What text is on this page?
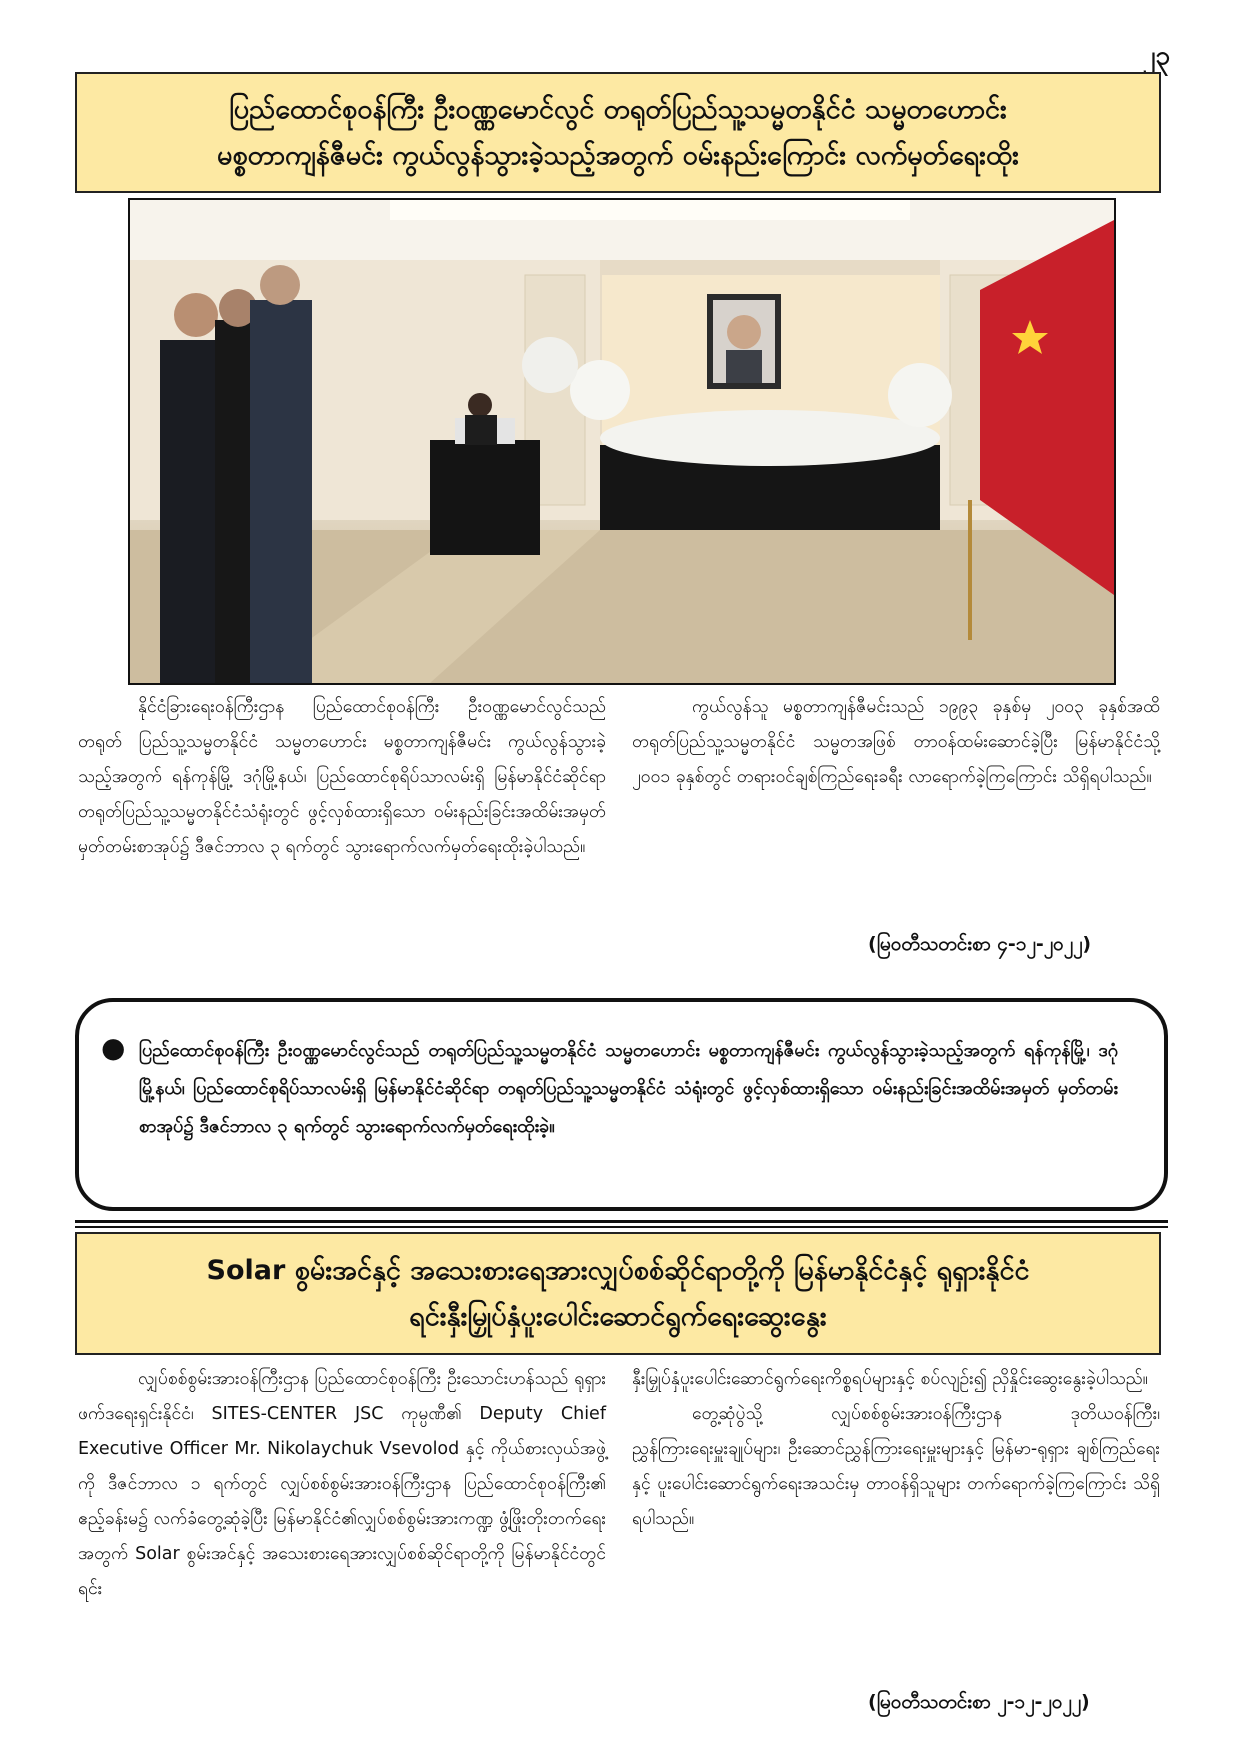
၂၃
ပြည်ထောင်စုဝန်ကြီး ဦးဝဏ္ဏမောင်လွင် တရုတ်ပြည်သူ့သမ္မတနိုင်ငံ သမ္မတဟောင်း
မစ္စတာကျန်ဇီမင်း ကွယ်လွန်သွားခဲ့သည့်အတွက် ဝမ်းနည်းကြောင်း လက်မှတ်ရေးထိုး

နိုင်ငံခြားရေးဝန်ကြီးဌာန ပြည်ထောင်စုဝန်ကြီး ဦးဝဏ္ဏမောင်လွင်သည် တရုတ် ပြည်သူ့သမ္မတနိုင်ငံ သမ္မတဟောင်း မစ္စတာကျန်ဇီမင်း ကွယ်လွန်သွားခဲ့သည့်အတွက် ရန်ကုန်မြို့ ဒဂုံမြို့နယ်၊ ပြည်ထောင်စုရိပ်သာလမ်းရှိ မြန်မာနိုင်ငံဆိုင်ရာ တရုတ်ပြည်သူ့သမ္မတနိုင်ငံသံရုံးတွင် ဖွင့်လှစ်ထားရှိသော ဝမ်းနည်းခြင်းအထိမ်းအမှတ် မှတ်တမ်းစာအုပ်၌ ဒီဇင်ဘာလ ၃ ရက်တွင် သွားရောက်လက်မှတ်ရေးထိုးခဲ့ပါသည်။

ကွယ်လွန်သူ မစ္စတာကျန်ဇီမင်းသည် ၁၉၉၃ ခုနှစ်မှ ၂၀၀၃ ခုနှစ်အထိ တရုတ်ပြည်သူ့သမ္မတနိုင်ငံ သမ္မတအဖြစ် တာဝန်ထမ်းဆောင်ခဲ့ပြီး မြန်မာနိုင်ငံသို့ ၂၀၀၁ ခုနှစ်တွင် တရားဝင်ချစ်ကြည်ရေးခရီး လာရောက်ခဲ့ကြကြောင်း သိရှိရပါသည်။

(မြဝတီသတင်းစာ ၄-၁၂-၂၀၂၂)
● ပြည်ထောင်စုဝန်ကြီး ဦးဝဏ္ဏမောင်လွင်သည် တရုတ်ပြည်သူ့သမ္မတနိုင်ငံ သမ္မတဟောင်း မစ္စတာကျန်ဇီမင်း ကွယ်လွန်သွားခဲ့သည့်အတွက် ရန်ကုန်မြို့၊ ဒဂုံမြို့နယ်၊ ပြည်ထောင်စုရိပ်သာလမ်းရှိ မြန်မာနိုင်ငံဆိုင်ရာ တရုတ်ပြည်သူ့သမ္မတနိုင်ငံ သံရုံးတွင် ဖွင့်လှစ်ထားရှိသော ဝမ်းနည်းခြင်းအထိမ်းအမှတ် မှတ်တမ်းစာအုပ်၌ ဒီဇင်ဘာလ ၃ ရက်တွင် သွားရောက်လက်မှတ်ရေးထိုးခဲ့။
Solar စွမ်းအင်နှင့် အသေးစားရေအားလျှပ်စစ်ဆိုင်ရာတို့ကို မြန်မာနိုင်ငံနှင့် ရုရှားနိုင်ငံ
ရင်းနှီးမြှုပ်နှံပူးပေါင်းဆောင်ရွက်ရေးဆွေးနွေး

လျှပ်စစ်စွမ်းအားဝန်ကြီးဌာန ပြည်ထောင်စုဝန်ကြီး ဦးသောင်းဟန်သည် ရုရှားဖက်ဒရေးရှင်းနိုင်ငံ၊ SITES-CENTER JSC ကုမ္ပဏီ၏ Deputy Chief Executive Officer Mr. Nikolaychuk Vsevolod နှင့် ကိုယ်စားလှယ်အဖွဲ့ကို ဒီဇင်ဘာလ ၁ ရက်တွင် လျှပ်စစ်စွမ်းအားဝန်ကြီးဌာန ပြည်ထောင်စုဝန်ကြီး၏ ဧည့်ခန်းမ၌ လက်ခံတွေ့ဆုံခဲ့ပြီး မြန်မာနိုင်ငံ၏လျှပ်စစ်စွမ်းအားကဏ္ဍ ဖွံ့ဖြိုးတိုးတက်ရေးအတွက် Solar စွမ်းအင်နှင့် အသေးစားရေအားလျှပ်စစ်ဆိုင်ရာတို့ကို မြန်မာနိုင်ငံတွင် ရင်း

နှီးမြှုပ်နှံပူးပေါင်းဆောင်ရွက်ရေးကိစ္စရပ်များနှင့် စပ်လျဉ်း၍ ညှိနှိုင်းဆွေးနွေးခဲ့ပါသည်။

တွေ့ဆုံပွဲသို့ လျှပ်စစ်စွမ်းအားဝန်ကြီးဌာန ဒုတိယဝန်ကြီး၊ ညွှန်ကြားရေးမှူးချုပ်များ၊ ဦးဆောင်ညွှန်ကြားရေးမှူးများနှင့် မြန်မာ-ရုရှား ချစ်ကြည်ရေးနှင့် ပူးပေါင်းဆောင်ရွက်ရေးအသင်းမှ တာဝန်ရှိသူများ တက်ရောက်ခဲ့ကြကြောင်း သိရှိရပါသည်။

(မြဝတီသတင်းစာ ၂-၁၂-၂၀၂၂)
